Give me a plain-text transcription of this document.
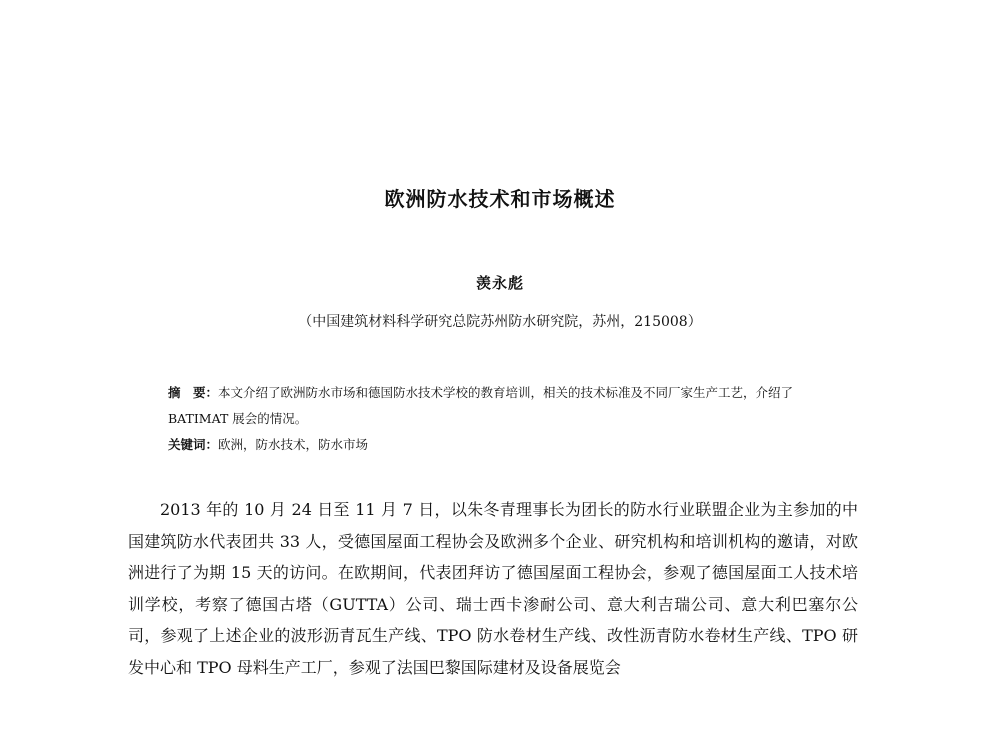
欧洲防水技术和市场概述
羡永彪
（中国建筑材料科学研究总院苏州防水研究院，苏州，215008）

摘　要：本文介绍了欧洲防水市场和德国防水技术学校的教育培训，相关的技术标准及不同厂家生产工艺，介绍了 BATIMAT 展会的情况。

关键词：欧洲，防水技术，防水市场

2013 年的 10 月 24 日至 11 月 7 日，以朱冬青理事长为团长的防水行业联盟企业为主参加的中国建筑防水代表团共 33 人，受德国屋面工程协会及欧洲多个企业、研究机构和培训机构的邀请，对欧洲进行了为期 15 天的访问。在欧期间，代表团拜访了德国屋面工程协会，参观了德国屋面工人技术培训学校，考察了德国古塔（GUTTA）公司、瑞士西卡渗耐公司、意大利吉瑞公司、意大利巴塞尔公司，参观了上述企业的波形沥青瓦生产线、TPO 防水卷材生产线、改性沥青防水卷材生产线、TPO 研发中心和 TPO 母料生产工厂，参观了法国巴黎国际建材及设备展览会
